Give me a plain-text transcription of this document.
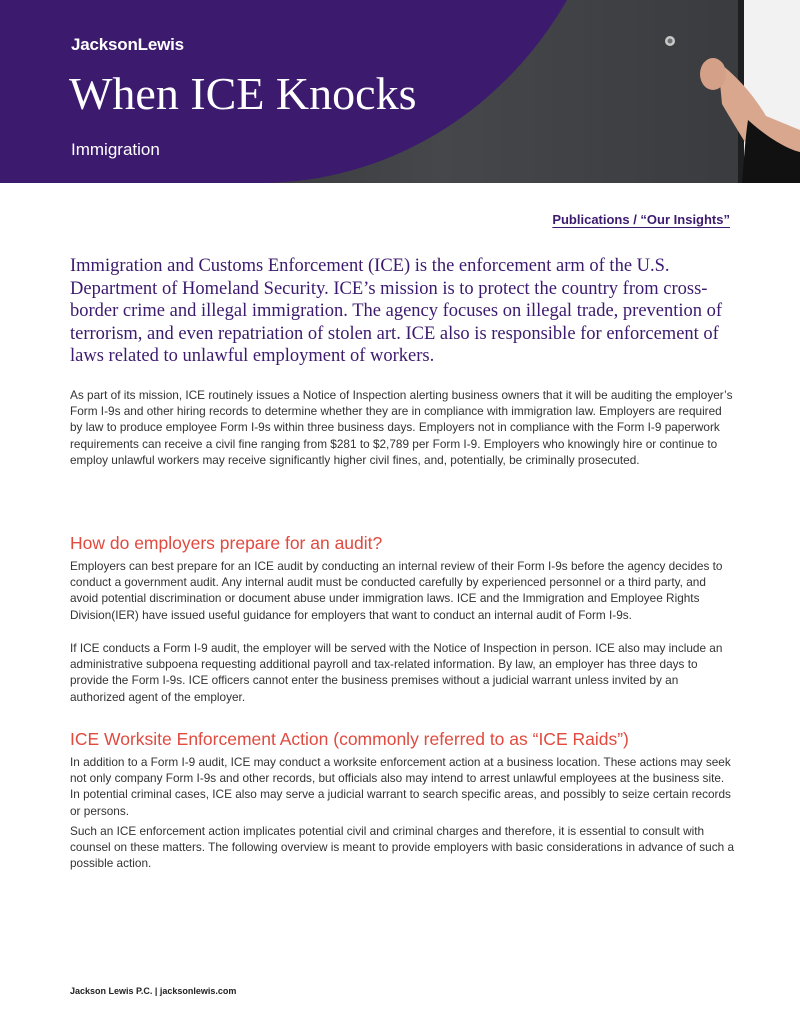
JacksonLewis
When ICE Knocks
Immigration
Publications / “Our Insights”

Immigration and Customs Enforcement (ICE) is the enforcement arm of the U.S. Department of Homeland Security. ICE’s mission is to protect the country from cross-border crime and illegal immigration. The agency focuses on illegal trade, prevention of terrorism, and even repatriation of stolen art. ICE also is responsible for enforcement of laws related to unlawful employment of workers.

As part of its mission, ICE routinely issues a Notice of Inspection alerting business owners that it will be auditing the employer’s Form I-9s and other hiring records to determine whether they are in compliance with immigration law. Employers are required by law to produce employee Form I-9s within three business days. Employers not in compliance with the Form I-9 paperwork requirements can receive a civil fine ranging from $281 to $2,789 per Form I-9. Employers who knowingly hire or continue to employ unlawful workers may receive significantly higher civil fines, and, potentially, be criminally prosecuted.

How do employers prepare for an audit?

Employers can best prepare for an ICE audit by conducting an internal review of their Form I-9s before the agency decides to conduct a government audit. Any internal audit must be conducted carefully by experienced personnel or a third party, and avoid potential discrimination or document abuse under immigration laws. ICE and the Immigration and Employee Rights Division(IER) have issued useful guidance for employers that want to conduct an internal audit of Form I-9s.

If ICE conducts a Form I-9 audit, the employer will be served with the Notice of Inspection in person. ICE also may include an administrative subpoena requesting additional payroll and tax-related information. By law, an employer has three days to provide the Form I-9s. ICE officers cannot enter the business premises without a judicial warrant unless invited by an authorized agent of the employer.

ICE Worksite Enforcement Action (commonly referred to as “ICE Raids”)

In addition to a Form I-9 audit, ICE may conduct a worksite enforcement action at a business location. These actions may seek not only company Form I-9s and other records, but officials also may intend to arrest unlawful employees at the business site. In potential criminal cases, ICE also may serve a judicial warrant to search specific areas, and possibly to seize certain records or persons.

Such an ICE enforcement action implicates potential civil and criminal charges and therefore, it is essential to consult with counsel on these matters. The following overview is meant to provide employers with basic considerations in advance of such a possible action.

Jackson Lewis P.C. | jacksonlewis.com
